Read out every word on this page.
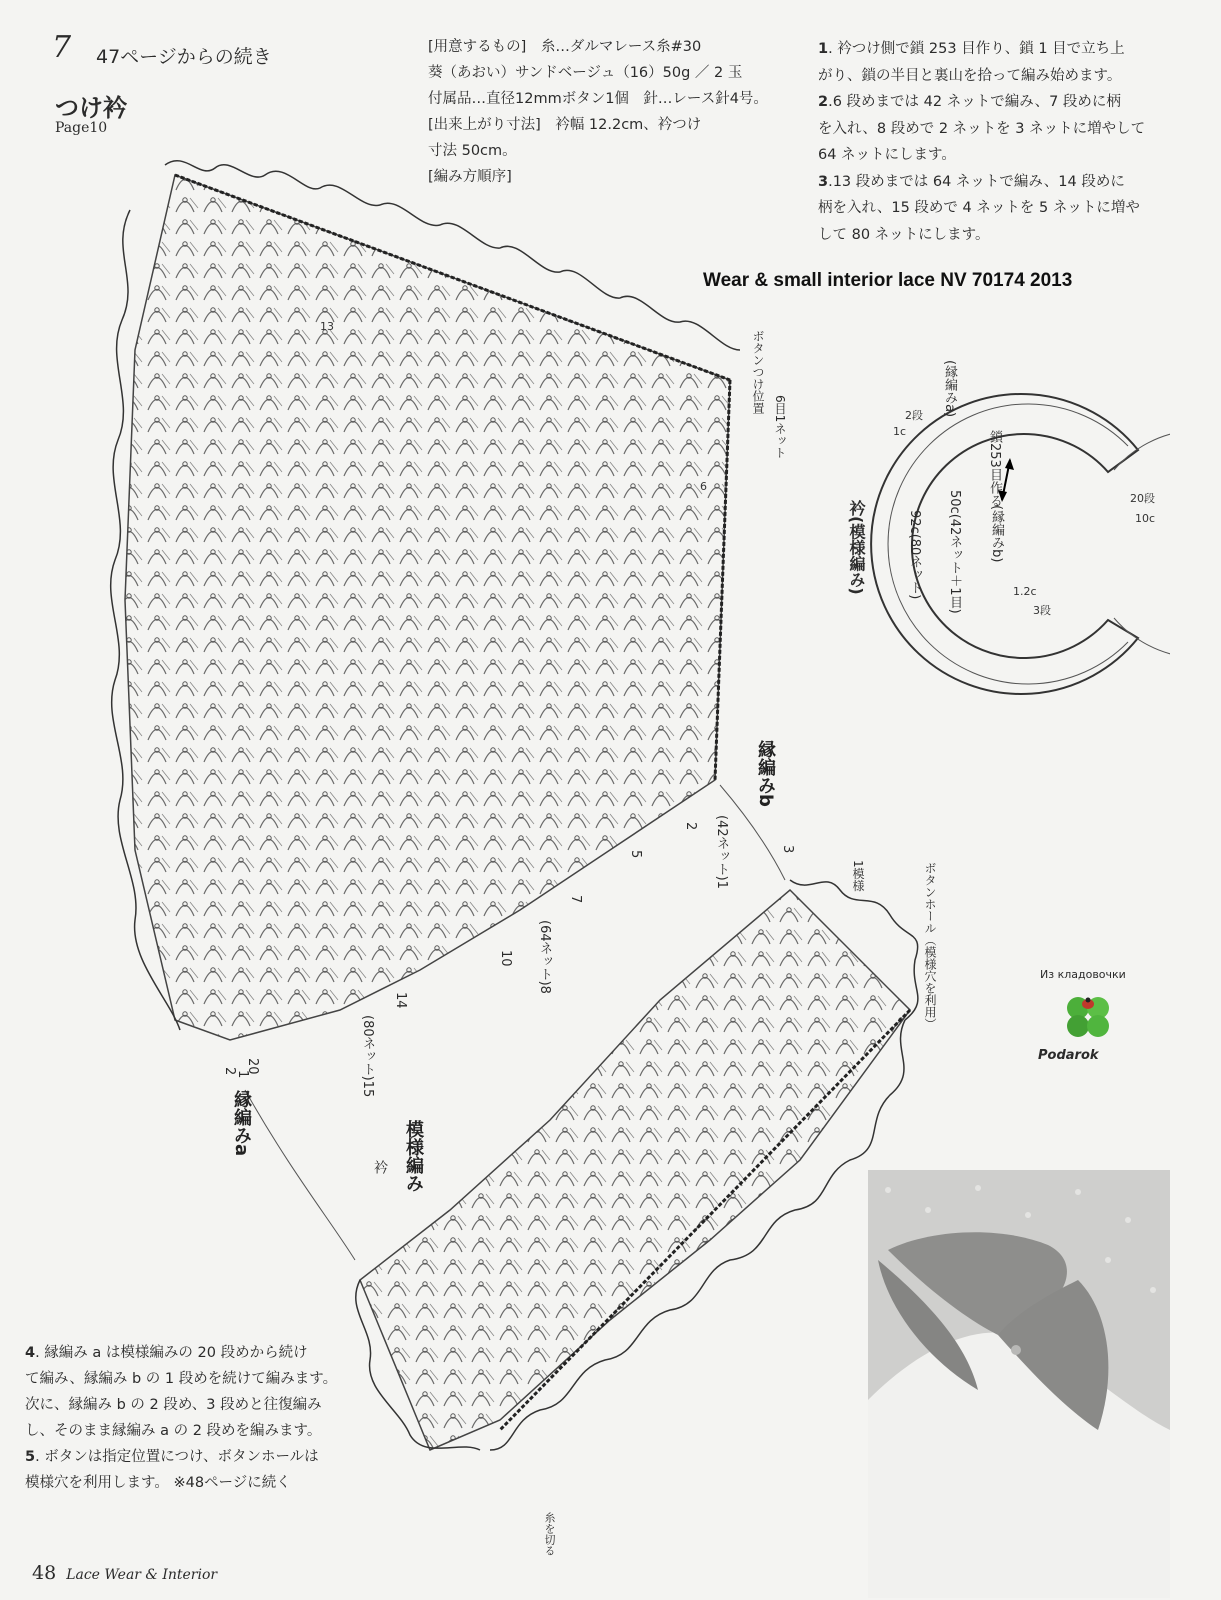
7 47ページからの続き
つけ衿
Page10
[用意するもの]　糸…ダルマレース糸#30
葵（あおい）サンドベージュ（16）50g ／ 2 玉
付属品…直径12mmボタン1個　針…レース針4号。
[出来上がり寸法]　衿幅 12.2cm、衿つけ
寸法 50cm。
[編み方順序]
1. 衿つけ側で鎖 253 目作り、鎖 1 目で立ち上
がり、鎖の半目と裏山を拾って編み始めます。
2.6 段めまでは 42 ネットで編み、7 段めに柄
を入れ、8 段めで 2 ネットを 3 ネットに増やして
64 ネットにします。
3.13 段めまでは 64 ネットで編み、14 段めに
柄を入れ、15 段めで 4 ネットを 5 ネットに増や
して 80 ネットにします。
Wear & small interior lace NV 70174 2013
(縁編みa)
(縁編みb)
衿(模様編み)	92c(80ネット) 50c(42ネット＋1目)
鎖253目作る
1c
2段
10c
20段
1.2c
3段
ボタンつけ位置
6目1ネット
縁編みb
縁編みa	模様編み
衿
ボタンホール（模様穴を利用）
1模様
糸を切る
(42ネット)1
(64ネット)8
(80ネット)15
2
3
5
7
10
14
20
2
1
13
6
4. 縁編み a は模様編みの 20 段めから続け
て編み、縁編み b の 1 段めを続けて編みます。
次に、縁編み b の 2 段め、3 段めと往復編み
し、そのまま縁編み a の 2 段めを編みます。
5. ボタンは指定位置につけ、ボタンホールは
模様穴を利用します。 ※48ページに続く
Из кладовочки
Podarok
48 Lace Wear & Interior
